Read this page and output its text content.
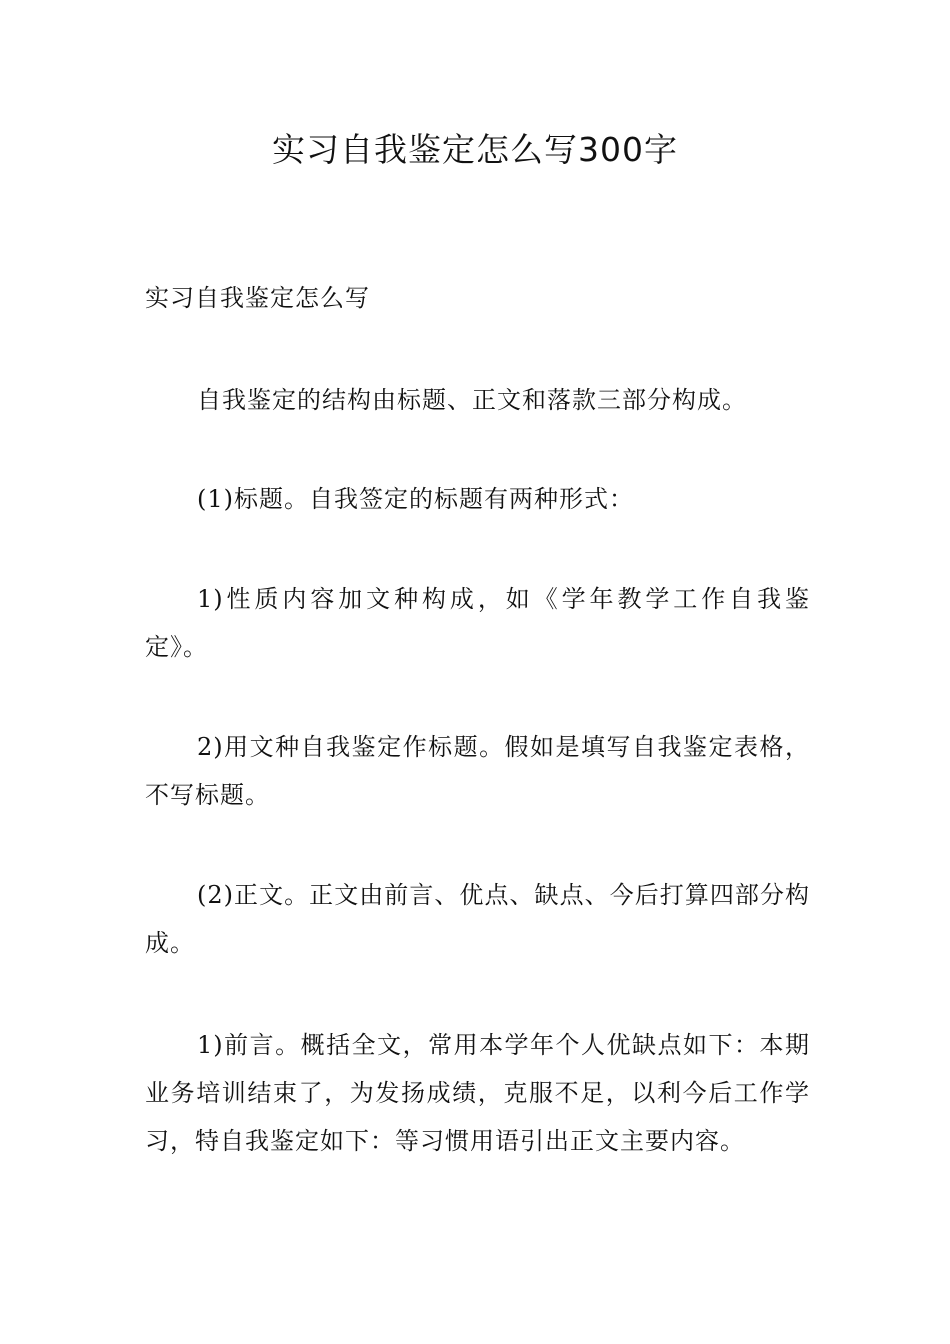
实习自我鉴定怎么写300字

实习自我鉴定怎么写

自我鉴定的结构由标题、正文和落款三部分构成。

(1)标题。自我签定的标题有两种形式：

1)性质内容加文种构成，如《学年教学工作自我鉴定》。

2)用文种自我鉴定作标题。假如是填写自我鉴定表格，不写标题。

(2)正文。正文由前言、优点、缺点、今后打算四部分构成。

1)前言。概括全文，常用本学年个人优缺点如下：本期业务培训结束了，为发扬成绩，克服不足，以利今后工作学习，特自我鉴定如下：等习惯用语引出正文主要内容。
